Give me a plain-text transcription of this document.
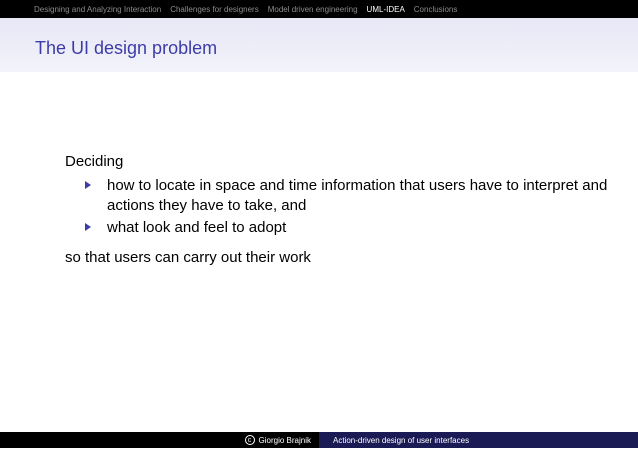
Designing and Analyzing Interaction Challenges for designers Model driven engineering UML-IDEA Conclusions
The UI design problem

Deciding

how to locate in space and time information that users have to interpret and actions they have to take, and
what look and feel to adopt

so that users can carry out their work

c Giorgio Brajnik	Action-driven design of user interfaces
